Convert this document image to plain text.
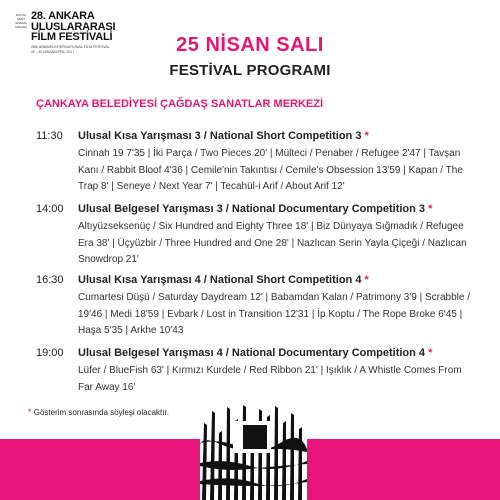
DÜNYA KENT SİNEMA ANKARA
28. ANKARA
ULUSLARARASI
FİLM FESTİVALİ
28th ANKARA INTERNATIONAL FILM FESTIVAL
20 - 30 NİSAN/APRIL 2017	25 NİSAN SALI
FESTİVAL PROGRAMI
ÇANKAYA BELEDİYESİ ÇAĞDAŞ SANATLAR MERKEZİ
11:30 Ulusal Kısa Yarışması 3 / National Short Competition 3 *
Cinnah 19 7'35 | İki Parça / Two Pieces 20' | Mülteci / Penaber / Refugee 2'47 | Tavşan Kanı / Rabbit Bloof 4'36 | Cemile'nin Takıntısı / Cemile's Obsession 13'59 | Kapan / The Trap 8' | Seneye / Next Year 7' | Tecahül-i Arif / About Arif 12'
14:00 Ulusal Belgesel Yarışması 3 / National Documentary Competition 3 *
Altıyüzseksenüç / Six Hundred and Eighty Three 18' | Biz Dünyaya Sığmadık / Refugee Era 38' | Üçyüzbir / Three Hundred and One 28' | Nazlıcan Serin Yayla Çiçeği / Nazlıcan Snowdrop 21'
16:30 Ulusal Kısa Yarışması 4 / National Short Competition 4 *
Cumartesi Düşü / Saturday Daydream 12' | Babamdan Kalan / Patrimony 3'9 | Scrabble / 19'46 | Medi 18'59 | Evbark / Lost in Transition 12'31 | İp Koptu / The Rope Broke 6'45 | Haşa 5'35 | Arkhe 10'43
19:00 Ulusal Belgesel Yarışması 4 / National Documentary Competition 4 *
Lüfer / BlueFish 63' | Kırmızı Kurdele / Red Ribbon 21' | Işıklık / A Whistle Comes From Far Away 16'
* Gösterim sonrasında söyleşi olacaktır.
